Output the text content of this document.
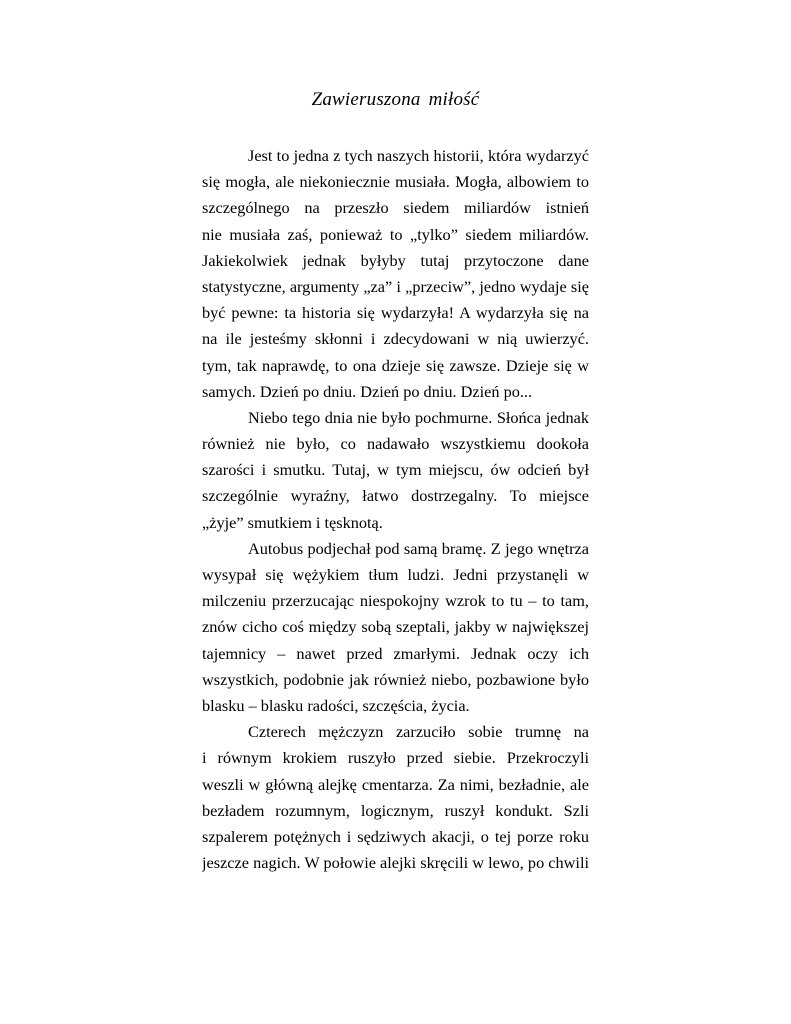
Zawieruszona miłość
Jest to jedna z tych naszych historii, która wydarzyć
się mogła, ale niekoniecznie musiała. Mogła, albowiem to
szczególnego na przeszło siedem miliardów istnień
nie musiała zaś, ponieważ to „tylko” siedem miliardów.
Jakiekolwiek jednak byłyby tutaj przytoczone dane
statystyczne, argumenty „za” i „przeciw”, jedno wydaje się
być pewne: ta historia się wydarzyła! A wydarzyła się na
na ile jesteśmy skłonni i zdecydowani w nią uwierzyć.
tym, tak naprawdę, to ona dzieje się zawsze. Dzieje się w
samych. Dzień po dniu. Dzień po dniu. Dzień po...
Niebo tego dnia nie było pochmurne. Słońca jednak
również nie było, co nadawało wszystkiemu dookoła
szarości i smutku. Tutaj, w tym miejscu, ów odcień był
szczególnie wyraźny, łatwo dostrzegalny. To miejsce
„żyje” smutkiem i tęsknotą.
Autobus podjechał pod samą bramę. Z jego wnętrza
wysypał się wężykiem tłum ludzi. Jedni przystanęli w
milczeniu przerzucając niespokojny wzrok to tu – to tam,
znów cicho coś między sobą szeptali, jakby w największej
tajemnicy – nawet przed zmarłymi. Jednak oczy ich
wszystkich, podobnie jak również niebo, pozbawione było
blasku – blasku radości, szczęścia, życia.
Czterech mężczyzn zarzuciło sobie trumnę na
i równym krokiem ruszyło przed siebie. Przekroczyli
weszli w główną alejkę cmentarza. Za nimi, bezładnie, ale
bezładem rozumnym, logicznym, ruszył kondukt. Szli
szpalerem potężnych i sędziwych akacji, o tej porze roku
jeszcze nagich. W połowie alejki skręcili w lewo, po chwili
